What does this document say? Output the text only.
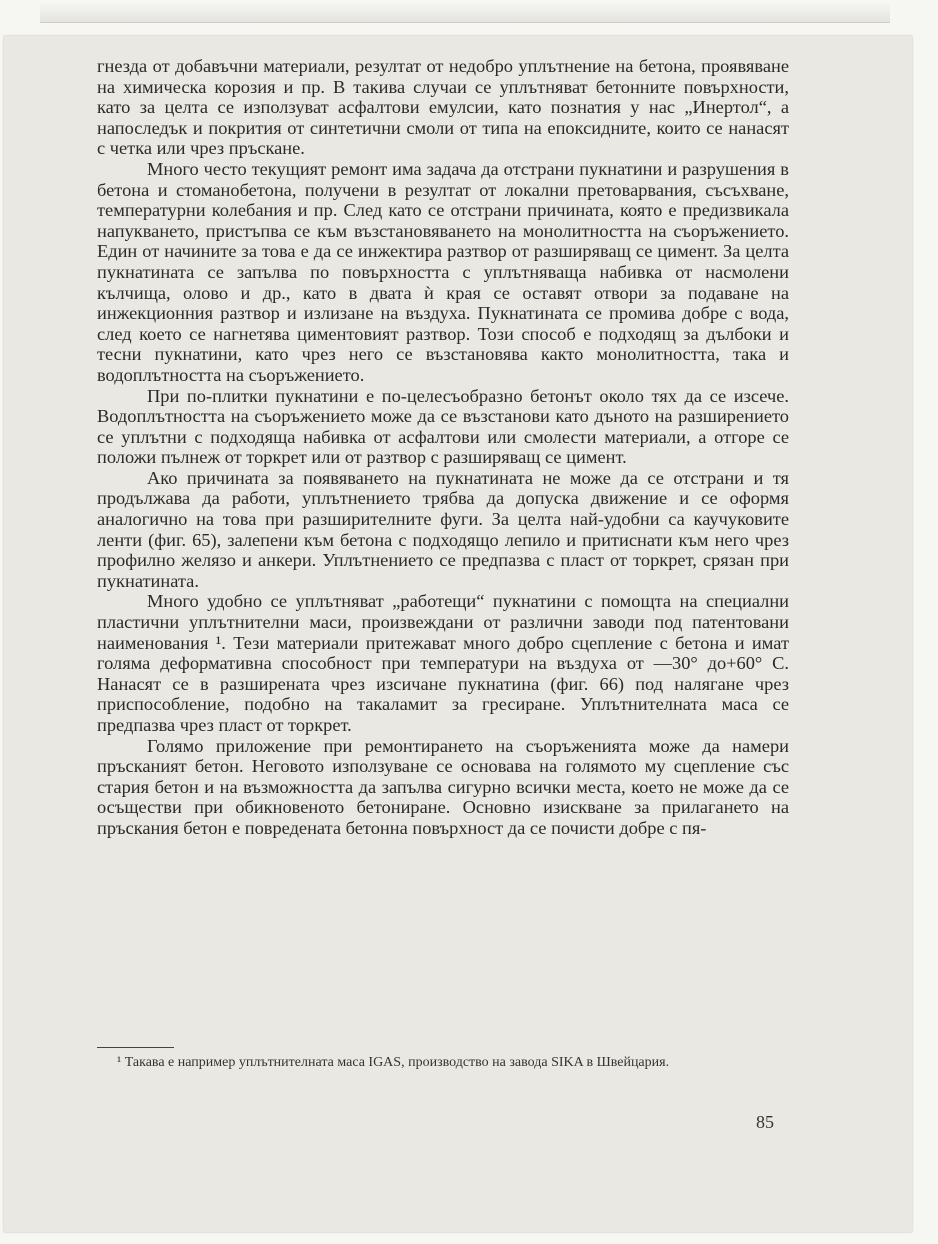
гнезда от добавъчни материали, резултат от недобро уплътнение на бетона, проявяване на химическа корозия и пр. В такива случаи се уплътняват бетонните повърхности, като за целта се използуват асфалтови емулсии, като познатия у нас „Инертол“, а напоследък и покрития от синтетични смоли от типа на епоксидните, които се нанасят с четка или чрез пръскане.

Много често текущият ремонт има задача да отстрани пукнатини и разрушения в бетона и стоманобетона, получени в резултат от локални претоварвания, съсъхване, температурни колебания и пр. След като се отстрани причината, която е предизвикала напукването, пристъпва се към възстановяването на монолитността на съоръжението. Един от начините за това е да се инжектира разтвор от разширяващ се цимент. За целта пукнатината се запълва по повърхността с уплътняваща набивка от насмолени кълчища, олово и др., като в двата ѝ края се оставят отвори за подаване на инжекционния разтвор и излизане на въздуха. Пукнатината се промива добре с вода, след което се нагнетява циментовият разтвор. Този способ е подходящ за дълбоки и тесни пукнатини, като чрез него се възстановява както монолитността, така и водоплътността на съоръжението.

При по-плитки пукнатини е по-целесъобразно бетонът около тях да се изсече. Водоплътността на съоръжението може да се възстанови като дъното на разширението се уплътни с подходяща набивка от асфалтови или смолести материали, а отгоре се положи пълнеж от торкрет или от разтвор с разширяващ се цимент.

Ако причината за появяването на пукнатината не може да се отстрани и тя продължава да работи, уплътнението трябва да допуска движение и се оформя аналогично на това при разширителните фуги. За целта най-удобни са каучуковите ленти (фиг. 65), залепени към бетона с подходящо лепило и притиснати към него чрез профилно желязо и анкери. Уплътнението се предпазва с пласт от торкрет, срязан при пукнатината.

Много удобно се уплътняват „работещи“ пукнатини с помощта на специални пластични уплътнителни маси, произвеждани от различни заводи под патентовани наименования ¹. Тези материали притежават много добро сцепление с бетона и имат голяма деформативна способност при температури на въздуха от —30° до+60° С. Нанасят се в разширената чрез изсичане пукнатина (фиг. 66) под налягане чрез приспособление, подобно на такаламит за гресиране. Уплътнителната маса се предпазва чрез пласт от торкрет.

Голямо приложение при ремонтирането на съоръженията може да намери пръсканият бетон. Неговото използуване се основава на голямото му сцепление със стария бетон и на възможността да запълва сигурно всички места, което не може да се осъществи при обикновеното бетониране. Основно изискване за прилагането на пръскания бетон е повредената бетонна повърхност да се почисти добре с пя-

¹ Такава е например уплътнителната маса IGAS, производство на завода SIKA в Швейцария.
85
